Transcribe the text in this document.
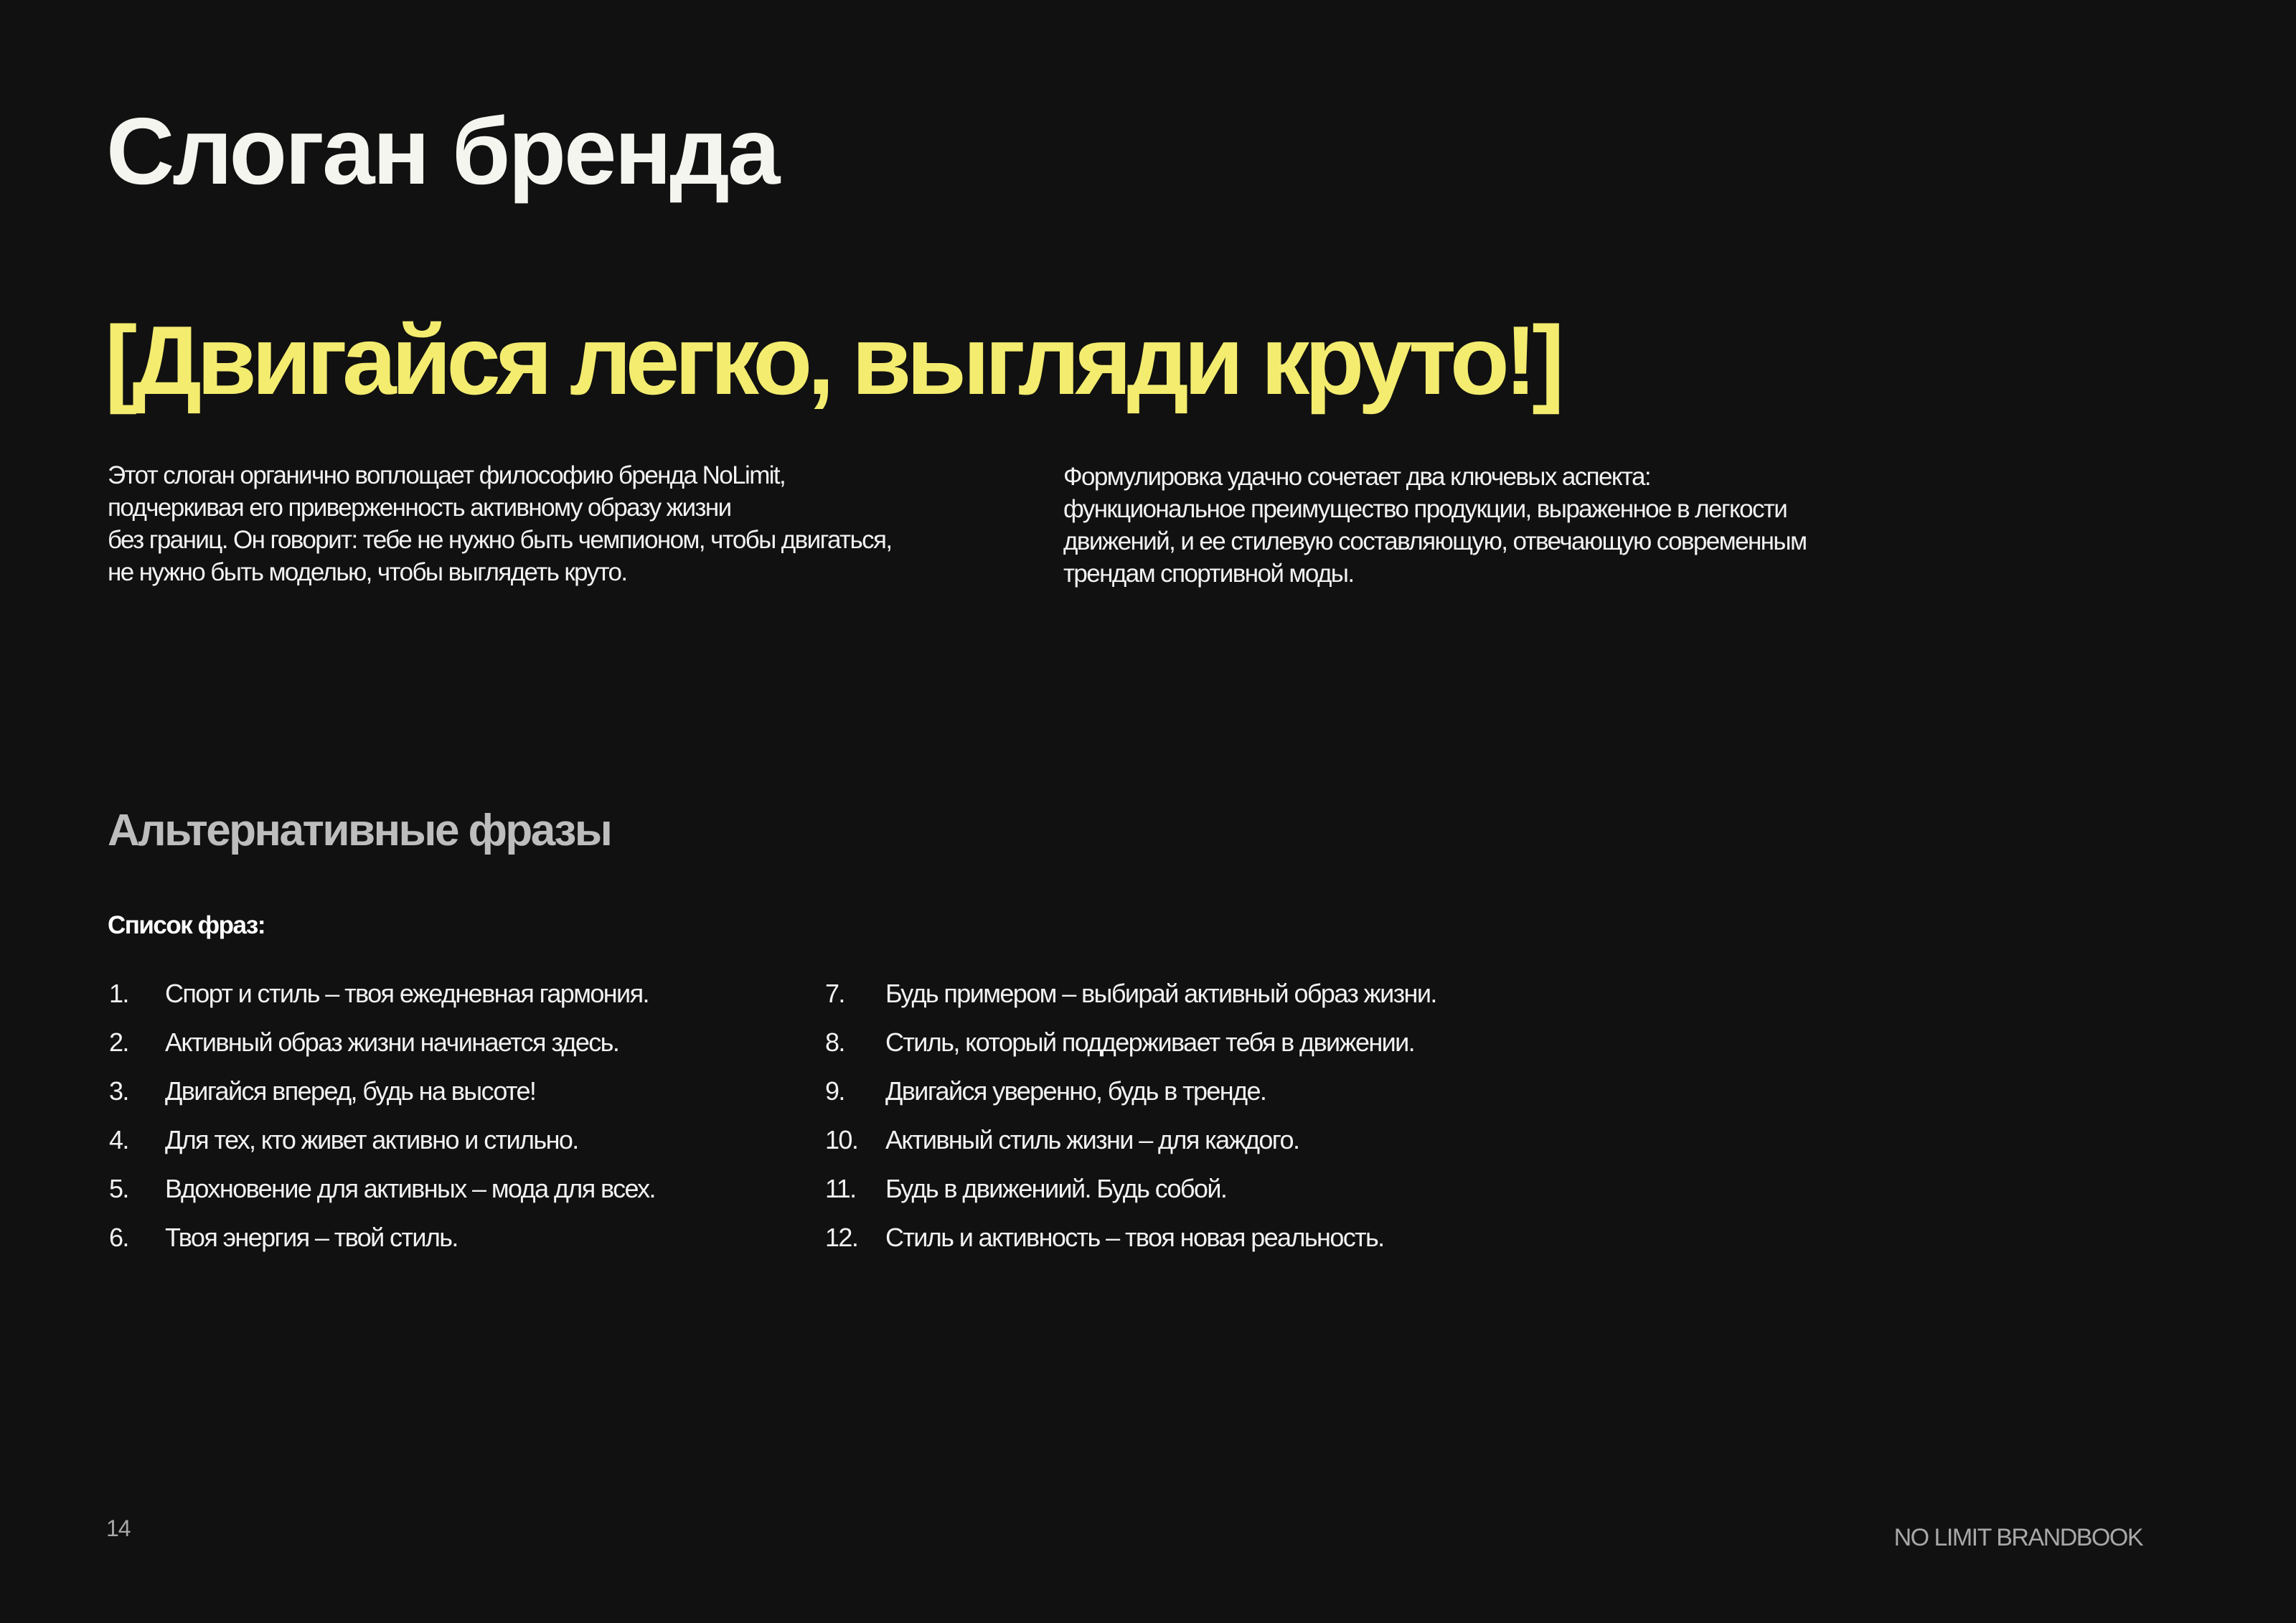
Слоган бренда
[Двигайся легко, выгляди круто!]

Этот слоган органично воплощает философию бренда NoLimit,
подчеркивая его приверженность активному образу жизни
без границ. Он говорит: тебе не нужно быть чемпионом, чтобы двигаться,
не нужно быть моделью, чтобы выглядеть круто.

Формулировка удачно сочетает два ключевых аспекта:
функциональное преимущество продукции, выраженное в легкости
движений, и ее стилевую составляющую, отвечающую современным
трендам спортивной моды.

Альтернативные фразы

Список фраз:

1.	Спорт и стиль – твоя ежедневная гармония.
2.	Активный образ жизни начинается здесь.
3.	Двигайся вперед, будь на высоте!
4.	Для тех, кто живет активно и стильно.
5.	Вдохновение для активных – мода для всех.
6.	Твоя энергия – твой стиль.
7.	Будь примером – выбирай активный образ жизни.
8.	Стиль, который поддерживает тебя в движении.
9.	Двигайся уверенно, будь в тренде.
10.	Активный стиль жизни – для каждого.
11.	Будь в движениий. Будь собой.
12.	Стиль и активность – твоя новая реальность.

14	NO LIMIT BRANDBOOK
